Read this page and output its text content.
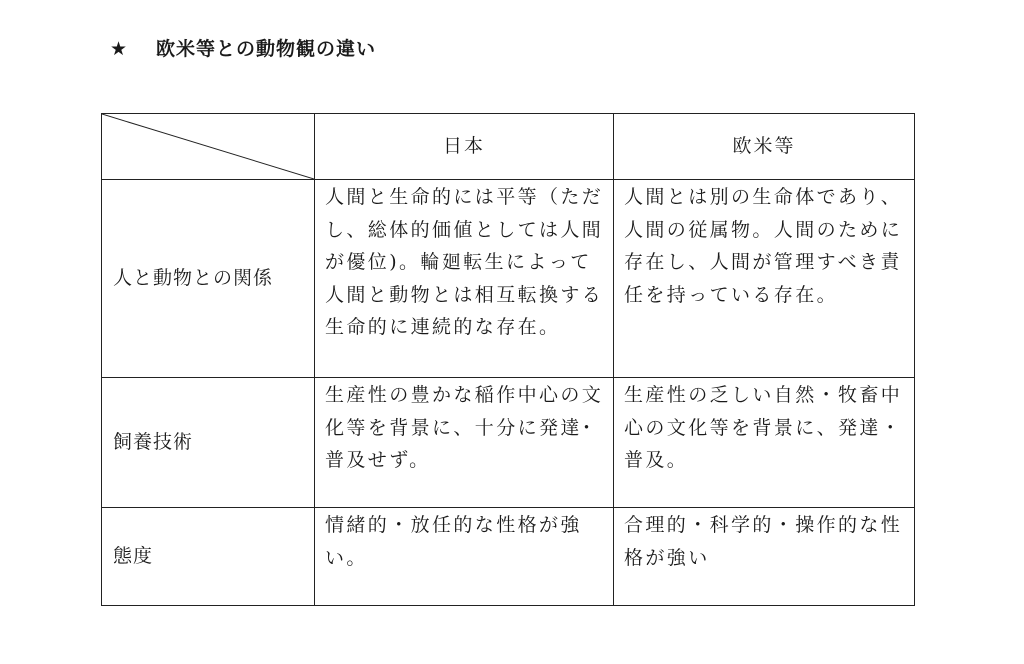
★ 欧米等との動物観の違い
	日本	欧米等
人と動物との関係	人間と生命的には平等（ただし、総体的価値としては人間が優位)。輪廻転生によって人間と動物とは相互転換する生命的に連続的な存在。	人間とは別の生命体であり、人間の従属物。人間のために存在し、人間が管理すべき責任を持っている存在。

飼養技術	生産性の豊かな稲作中心の文化等を背景に、十分に発達･普及せず。	生産性の乏しい自然・牧畜中心の文化等を背景に、発達・普及。

態度	情緒的・放任的な性格が強い。	合理的・科学的・操作的な性格が強い
